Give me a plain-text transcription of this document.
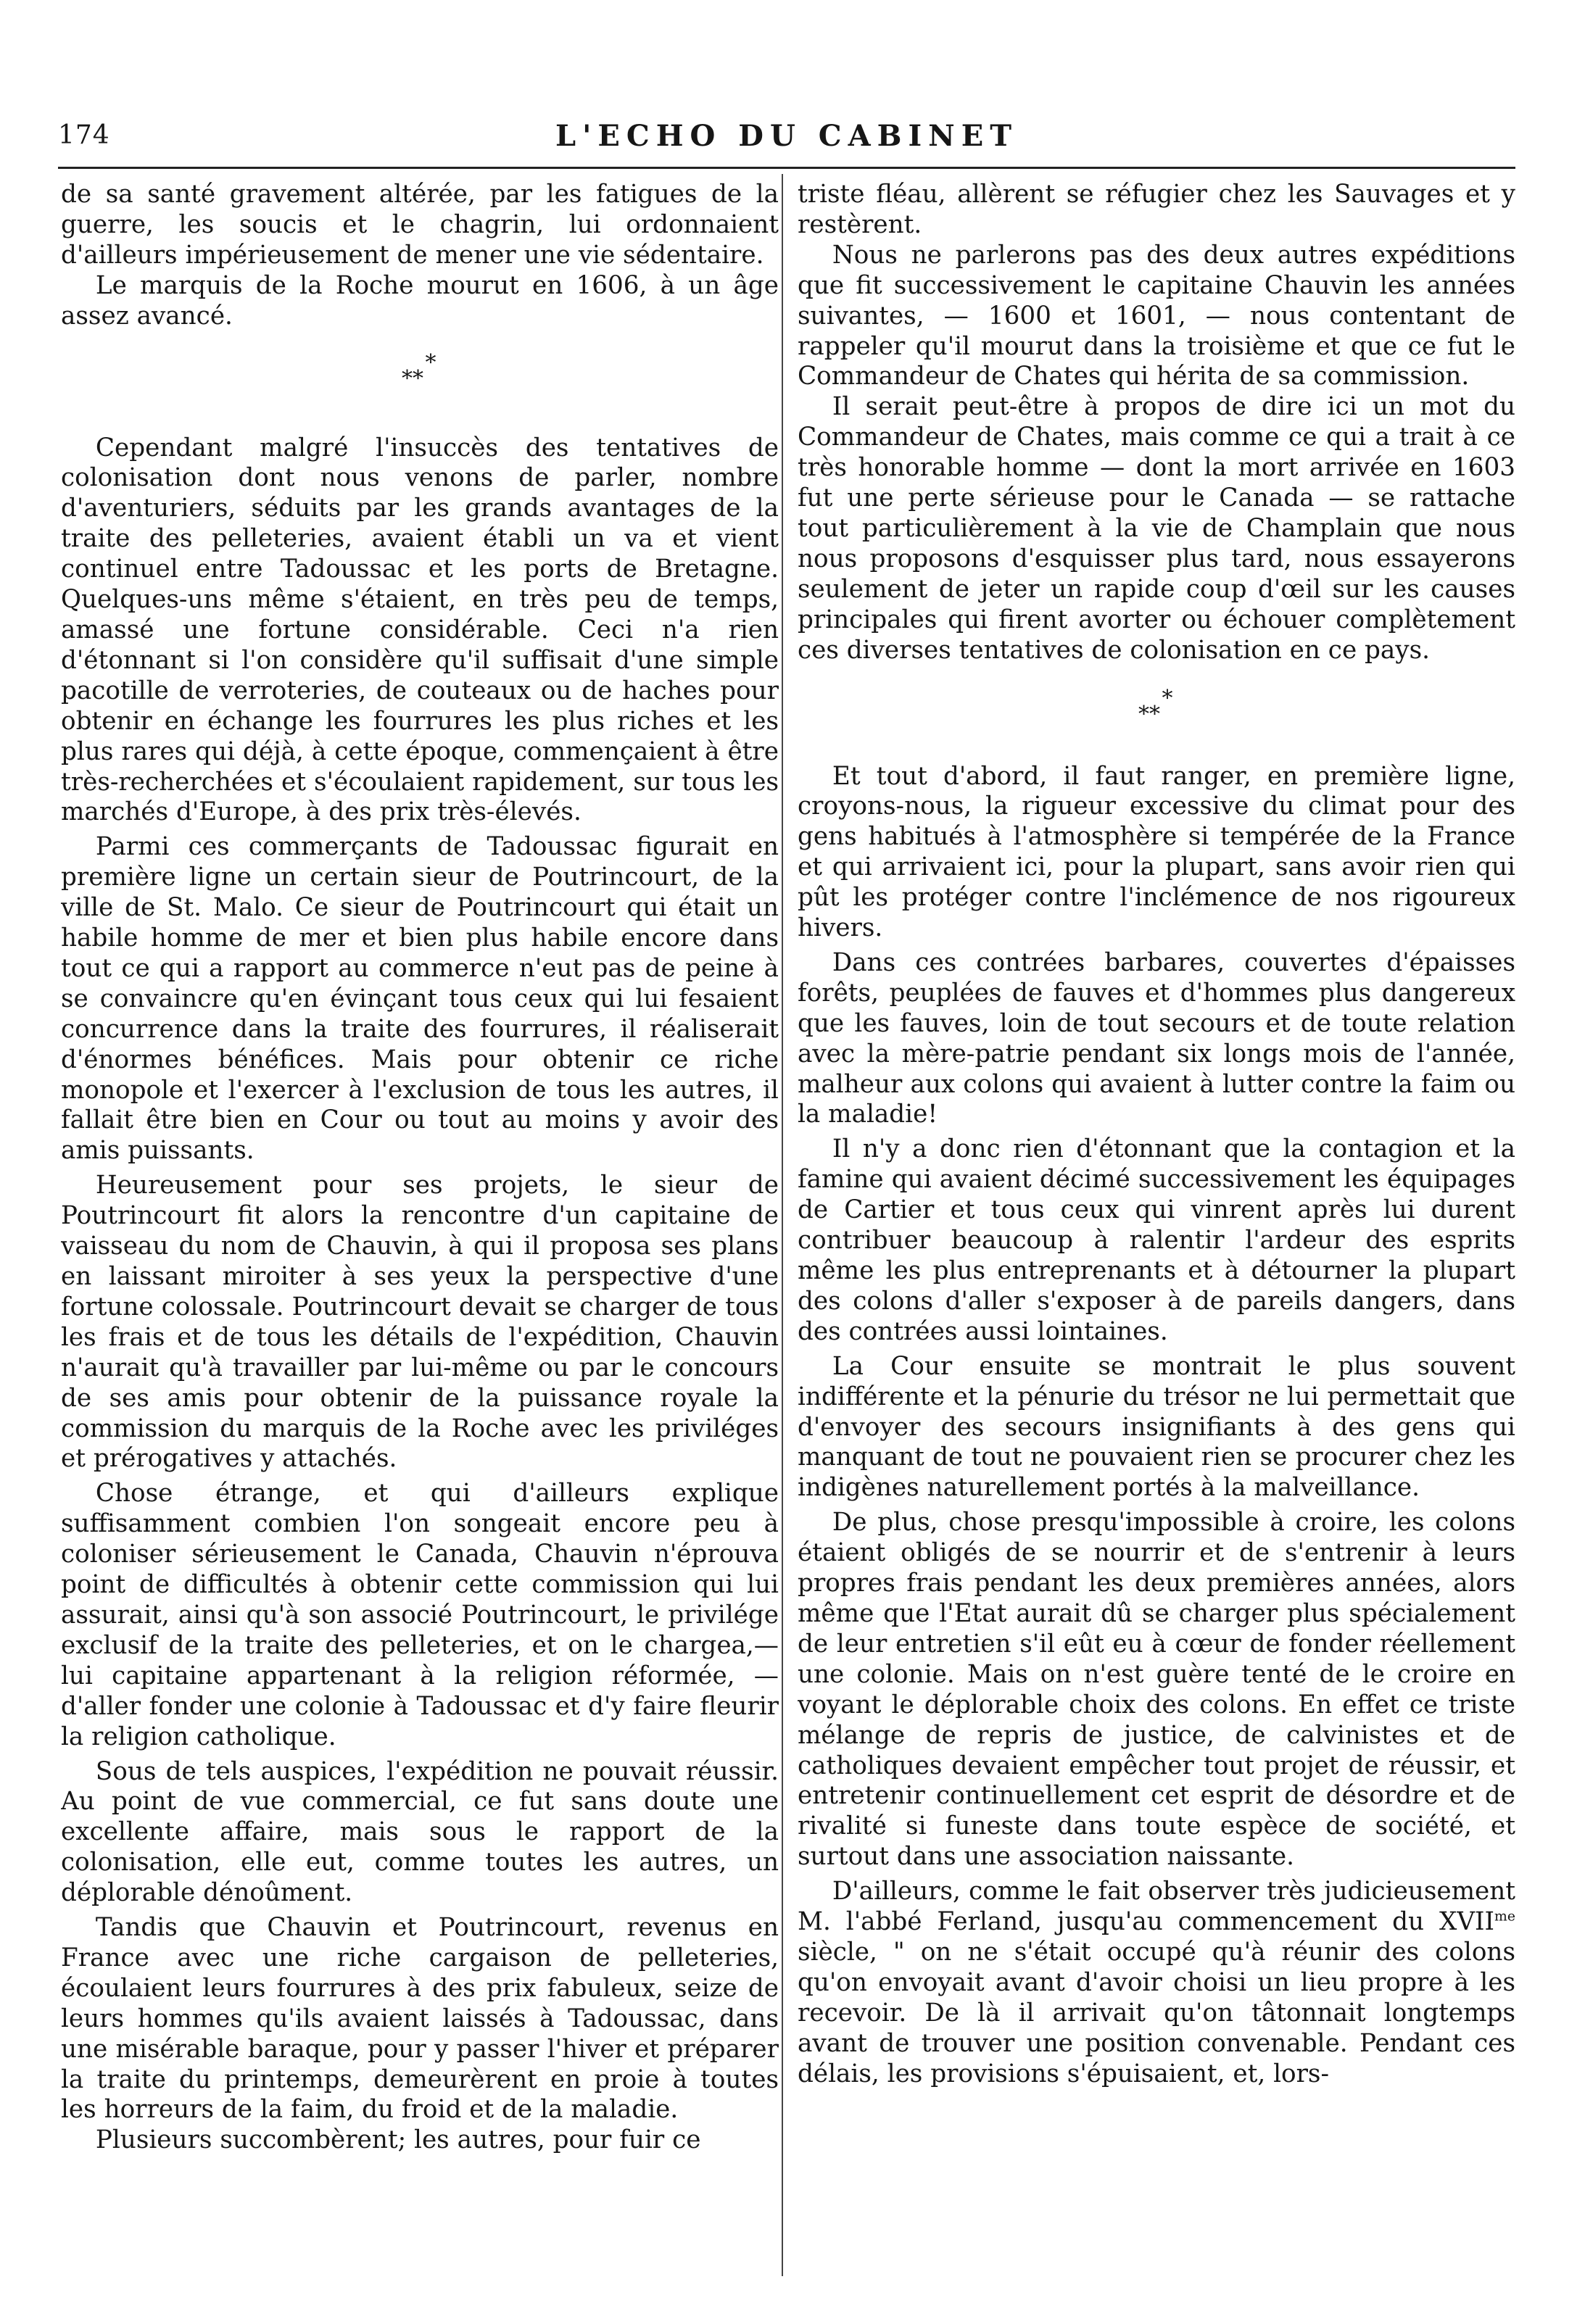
174	L'ECHO DU CABINET

de sa santé gravement altérée, par les fatigues de la guerre, les soucis et le chagrin, lui ordonnaient d'ailleurs impérieusement de mener une vie sédentaire.

Le marquis de la Roche mourut en 1606, à un âge assez avancé.

*
**

Cependant malgré l'insuccès des tentatives de colonisation dont nous venons de parler, nombre d'aventuriers, séduits par les grands avantages de la traite des pelleteries, avaient établi un va et vient continuel entre Tadoussac et les ports de Bretagne. Quelques-uns même s'étaient, en très peu de temps, amassé une fortune considérable. Ceci n'a rien d'étonnant si l'on considère qu'il suffisait d'une simple pacotille de verroteries, de couteaux ou de haches pour obtenir en échange les fourrures les plus riches et les plus rares qui déjà, à cette époque, commençaient à être très-recherchées et s'écoulaient rapidement, sur tous les marchés d'Europe, à des prix très-élevés.

Parmi ces commerçants de Tadoussac figurait en première ligne un certain sieur de Poutrincourt, de la ville de St. Malo. Ce sieur de Poutrincourt qui était un habile homme de mer et bien plus habile encore dans tout ce qui a rapport au commerce n'eut pas de peine à se convaincre qu'en évinçant tous ceux qui lui fesaient concurrence dans la traite des fourrures, il réaliserait d'énormes bénéfices. Mais pour obtenir ce riche monopole et l'exercer à l'exclusion de tous les autres, il fallait être bien en Cour ou tout au moins y avoir des amis puissants.

Heureusement pour ses projets, le sieur de Poutrincourt fit alors la rencontre d'un capitaine de vaisseau du nom de Chauvin, à qui il proposa ses plans en laissant miroiter à ses yeux la perspective d'une fortune colossale. Poutrincourt devait se charger de tous les frais et de tous les détails de l'expédition, Chauvin n'aurait qu'à travailler par lui-même ou par le concours de ses amis pour obtenir de la puissance royale la commission du marquis de la Roche avec les priviléges et prérogatives y attachés.

Chose étrange, et qui d'ailleurs explique suffisamment combien l'on songeait encore peu à coloniser sérieusement le Canada, Chauvin n'éprouva point de difficultés à obtenir cette commission qui lui assurait, ainsi qu'à son associé Poutrincourt, le privilége exclusif de la traite des pelleteries, et on le chargea,—lui capitaine appartenant à la religion réformée, — d'aller fonder une colonie à Tadoussac et d'y faire fleurir la religion catholique.

Sous de tels auspices, l'expédition ne pouvait réussir. Au point de vue commercial, ce fut sans doute une excellente affaire, mais sous le rapport de la colonisation, elle eut, comme toutes les autres, un déplorable dénoûment.

Tandis que Chauvin et Poutrincourt, revenus en France avec une riche cargaison de pelleteries, écoulaient leurs fourrures à des prix fabuleux, seize de leurs hommes qu'ils avaient laissés à Tadoussac, dans une misérable baraque, pour y passer l'hiver et préparer la traite du printemps, demeurèrent en proie à toutes les horreurs de la faim, du froid et de la maladie.

Plusieurs succombèrent; les autres, pour fuir ce

triste fléau, allèrent se réfugier chez les Sauvages et y restèrent.

Nous ne parlerons pas des deux autres expéditions que fit successivement le capitaine Chauvin les années suivantes, — 1600 et 1601, — nous contentant de rappeler qu'il mourut dans la troisième et que ce fut le Commandeur de Chates qui hérita de sa commission.

Il serait peut-être à propos de dire ici un mot du Commandeur de Chates, mais comme ce qui a trait à ce très honorable homme — dont la mort arrivée en 1603 fut une perte sérieuse pour le Canada — se rattache tout particulièrement à la vie de Champlain que nous nous proposons d'esquisser plus tard, nous essayerons seulement de jeter un rapide coup d'œil sur les causes principales qui firent avorter ou échouer complètement ces diverses tentatives de colonisation en ce pays.

*
**

Et tout d'abord, il faut ranger, en première ligne, croyons-nous, la rigueur excessive du climat pour des gens habitués à l'atmosphère si tempérée de la France et qui arrivaient ici, pour la plupart, sans avoir rien qui pût les protéger contre l'inclémence de nos rigoureux hivers.

Dans ces contrées barbares, couvertes d'épaisses forêts, peuplées de fauves et d'hommes plus dangereux que les fauves, loin de tout secours et de toute relation avec la mère-patrie pendant six longs mois de l'année, malheur aux colons qui avaient à lutter contre la faim ou la maladie!

Il n'y a donc rien d'étonnant que la contagion et la famine qui avaient décimé successivement les équipages de Cartier et tous ceux qui vinrent après lui durent contribuer beaucoup à ralentir l'ardeur des esprits même les plus entreprenants et à détourner la plupart des colons d'aller s'exposer à de pareils dangers, dans des contrées aussi lointaines.

La Cour ensuite se montrait le plus souvent indifférente et la pénurie du trésor ne lui permettait que d'envoyer des secours insignifiants à des gens qui manquant de tout ne pouvaient rien se procurer chez les indigènes naturellement portés à la malveillance.

De plus, chose presqu'impossible à croire, les colons étaient obligés de se nourrir et de s'entrenir à leurs propres frais pendant les deux premières années, alors même que l'Etat aurait dû se charger plus spécialement de leur entretien s'il eût eu à cœur de fonder réellement une colonie. Mais on n'est guère tenté de le croire en voyant le déplorable choix des colons. En effet ce triste mélange de repris de justice, de calvinistes et de catholiques devaient empêcher tout projet de réussir, et entretenir continuellement cet esprit de désordre et de rivalité si funeste dans toute espèce de société, et surtout dans une association naissante.

D'ailleurs, comme le fait observer très judicieusement M. l'abbé Ferland, jusqu'au commencement du $XVII^{me}$ siècle, " on ne s'était occupé qu'à réunir des colons qu'on envoyait avant d'avoir choisi un lieu propre à les recevoir. De là il arrivait qu'on tâtonnait longtemps avant de trouver une position convenable. Pendant ces délais, les provisions s'épuisaient, et, lors-
